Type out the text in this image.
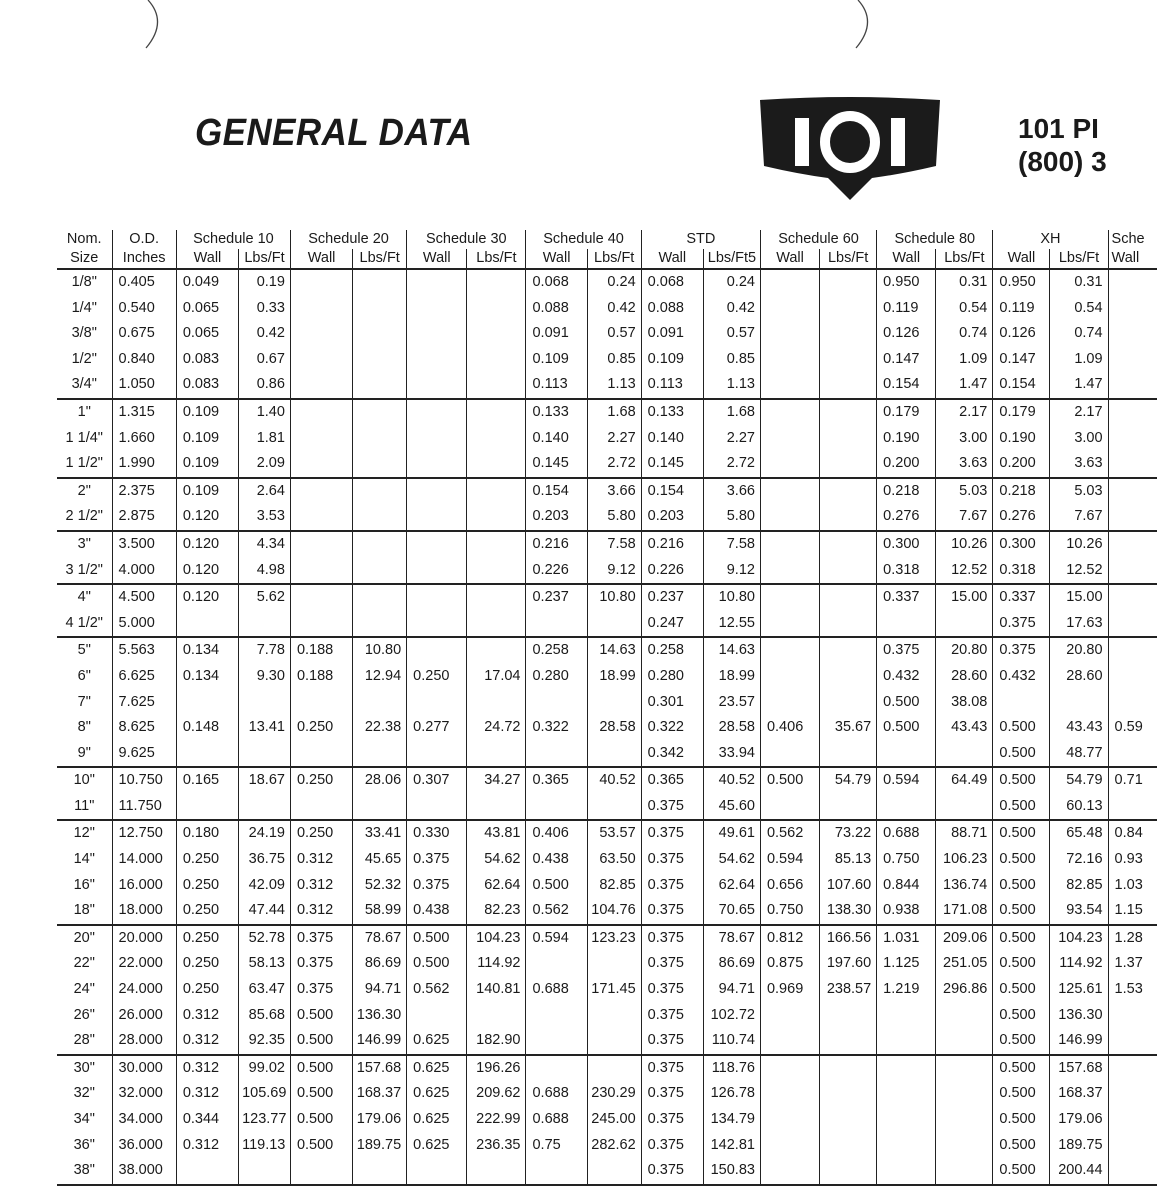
GENERAL DATA	101 PI
(800) 3
Nom.	O.D.	Schedule 10		Schedule 20		Schedule 30		Schedule 40		STD		Schedule 60		Schedule 80		XH		Sche
Size	Inches	Wall	Lbs/Ft	Wall	Lbs/Ft	Wall	Lbs/Ft	Wall	Lbs/Ft	Wall	Lbs/Ft5	Wall	Lbs/Ft	Wall	Lbs/Ft	Wall	Lbs/Ft	Wall
1/8"	0.405	0.049	0.19					0.068	0.24	0.068	0.24			0.950	0.31	0.950	0.31	
1/4"	0.540	0.065	0.33					0.088	0.42	0.088	0.42			0.119	0.54	0.119	0.54	
3/8"	0.675	0.065	0.42					0.091	0.57	0.091	0.57			0.126	0.74	0.126	0.74	
1/2"	0.840	0.083	0.67					0.109	0.85	0.109	0.85			0.147	1.09	0.147	1.09	
3/4"	1.050	0.083	0.86					0.113	1.13	0.113	1.13			0.154	1.47	0.154	1.47	
1"	1.315	0.109	1.40					0.133	1.68	0.133	1.68			0.179	2.17	0.179	2.17	
1 1/4"	1.660	0.109	1.81					0.140	2.27	0.140	2.27			0.190	3.00	0.190	3.00	
1 1/2"	1.990	0.109	2.09					0.145	2.72	0.145	2.72			0.200	3.63	0.200	3.63	
2"	2.375	0.109	2.64					0.154	3.66	0.154	3.66			0.218	5.03	0.218	5.03	
2 1/2"	2.875	0.120	3.53					0.203	5.80	0.203	5.80			0.276	7.67	0.276	7.67	
3"	3.500	0.120	4.34					0.216	7.58	0.216	7.58			0.300	10.26	0.300	10.26	
3 1/2"	4.000	0.120	4.98					0.226	9.12	0.226	9.12			0.318	12.52	0.318	12.52	
4"	4.500	0.120	5.62					0.237	10.80	0.237	10.80			0.337	15.00	0.337	15.00	
4 1/2"	5.000									0.247	12.55					0.375	17.63	
5"	5.563	0.134	7.78	0.188	10.80			0.258	14.63	0.258	14.63			0.375	20.80	0.375	20.80	
6"	6.625	0.134	9.30	0.188	12.94	0.250	17.04	0.280	18.99	0.280	18.99			0.432	28.60	0.432	28.60	
7"	7.625									0.301	23.57			0.500	38.08			
8"	8.625	0.148	13.41	0.250	22.38	0.277	24.72	0.322	28.58	0.322	28.58	0.406	35.67	0.500	43.43	0.500	43.43	0.59
9"	9.625									0.342	33.94					0.500	48.77	
10"	10.750	0.165	18.67	0.250	28.06	0.307	34.27	0.365	40.52	0.365	40.52	0.500	54.79	0.594	64.49	0.500	54.79	0.71
11"	11.750									0.375	45.60					0.500	60.13	
12"	12.750	0.180	24.19	0.250	33.41	0.330	43.81	0.406	53.57	0.375	49.61	0.562	73.22	0.688	88.71	0.500	65.48	0.84
14"	14.000	0.250	36.75	0.312	45.65	0.375	54.62	0.438	63.50	0.375	54.62	0.594	85.13	0.750	106.23	0.500	72.16	0.93
16"	16.000	0.250	42.09	0.312	52.32	0.375	62.64	0.500	82.85	0.375	62.64	0.656	107.60	0.844	136.74	0.500	82.85	1.03
18"	18.000	0.250	47.44	0.312	58.99	0.438	82.23	0.562	104.76	0.375	70.65	0.750	138.30	0.938	171.08	0.500	93.54	1.15
20"	20.000	0.250	52.78	0.375	78.67	0.500	104.23	0.594	123.23	0.375	78.67	0.812	166.56	1.031	209.06	0.500	104.23	1.28
22"	22.000	0.250	58.13	0.375	86.69	0.500	114.92			0.375	86.69	0.875	197.60	1.125	251.05	0.500	114.92	1.37
24"	24.000	0.250	63.47	0.375	94.71	0.562	140.81	0.688	171.45	0.375	94.71	0.969	238.57	1.219	296.86	0.500	125.61	1.53
26"	26.000	0.312	85.68	0.500	136.30					0.375	102.72					0.500	136.30	
28"	28.000	0.312	92.35	0.500	146.99	0.625	182.90			0.375	110.74					0.500	146.99	
30"	30.000	0.312	99.02	0.500	157.68	0.625	196.26			0.375	118.76					0.500	157.68	
32"	32.000	0.312	105.69	0.500	168.37	0.625	209.62	0.688	230.29	0.375	126.78					0.500	168.37	
34"	34.000	0.344	123.77	0.500	179.06	0.625	222.99	0.688	245.00	0.375	134.79					0.500	179.06	
36"	36.000	0.312	119.13	0.500	189.75	0.625	236.35	0.75	282.62	0.375	142.81					0.500	189.75	
38"	38.000									0.375	150.83					0.500	200.44	
